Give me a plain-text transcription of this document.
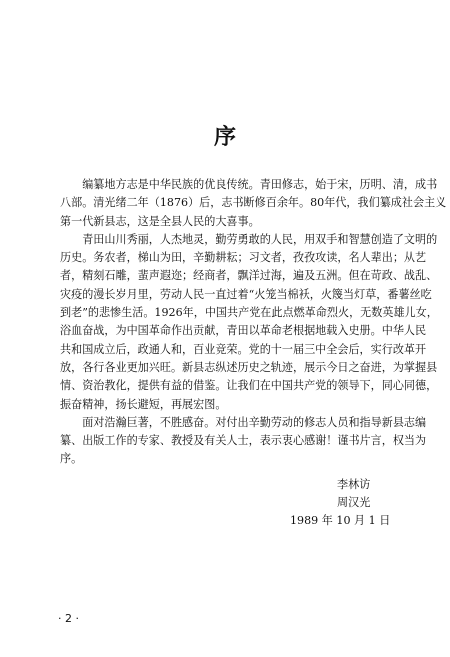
序

编纂地方志是中华民族的优良传统。青田修志，始于宋，历明、清，成书
八部。清光绪二年（1876）后，志书断修百余年。80年代，我们纂成社会主义
第一代新县志，这是全县人民的大喜事。

青田山川秀丽，人杰地灵，勤劳勇敢的人民，用双手和智慧创造了文明的
历史。务农者，梯山为田，辛勤耕耘；习文者，孜孜攻读，名人辈出；从艺
者，精刻石雕，蜚声遐迩；经商者，飘洋过海，遍及五洲。但在苛政、战乱、
灾疫的漫长岁月里，劳动人民一直过着“火笼当棉袄，火篾当灯草，番薯丝吃
到老”的悲惨生活。1926年，中国共产党在此点燃革命烈火，无数英雄儿女，
浴血奋战，为中国革命作出贡献，青田以革命老根据地载入史册。中华人民
共和国成立后，政通人和，百业竞荣。党的十一届三中全会后，实行改革开
放，各行各业更加兴旺。新县志纵述历史之轨迹，展示今日之奋进，为掌握县
情、资治教化，提供有益的借鉴。让我们在中国共产党的领导下，同心同德，
振奋精神，扬长避短，再展宏图。

面对浩瀚巨著，不胜感奋。对付出辛勤劳动的修志人员和指导新县志编
纂、出版工作的专家、教授及有关人士，表示衷心感谢！谨书片言，权当为
序。

李林访
周汉光
1989 年 10 月 1 日
· 2 ·
